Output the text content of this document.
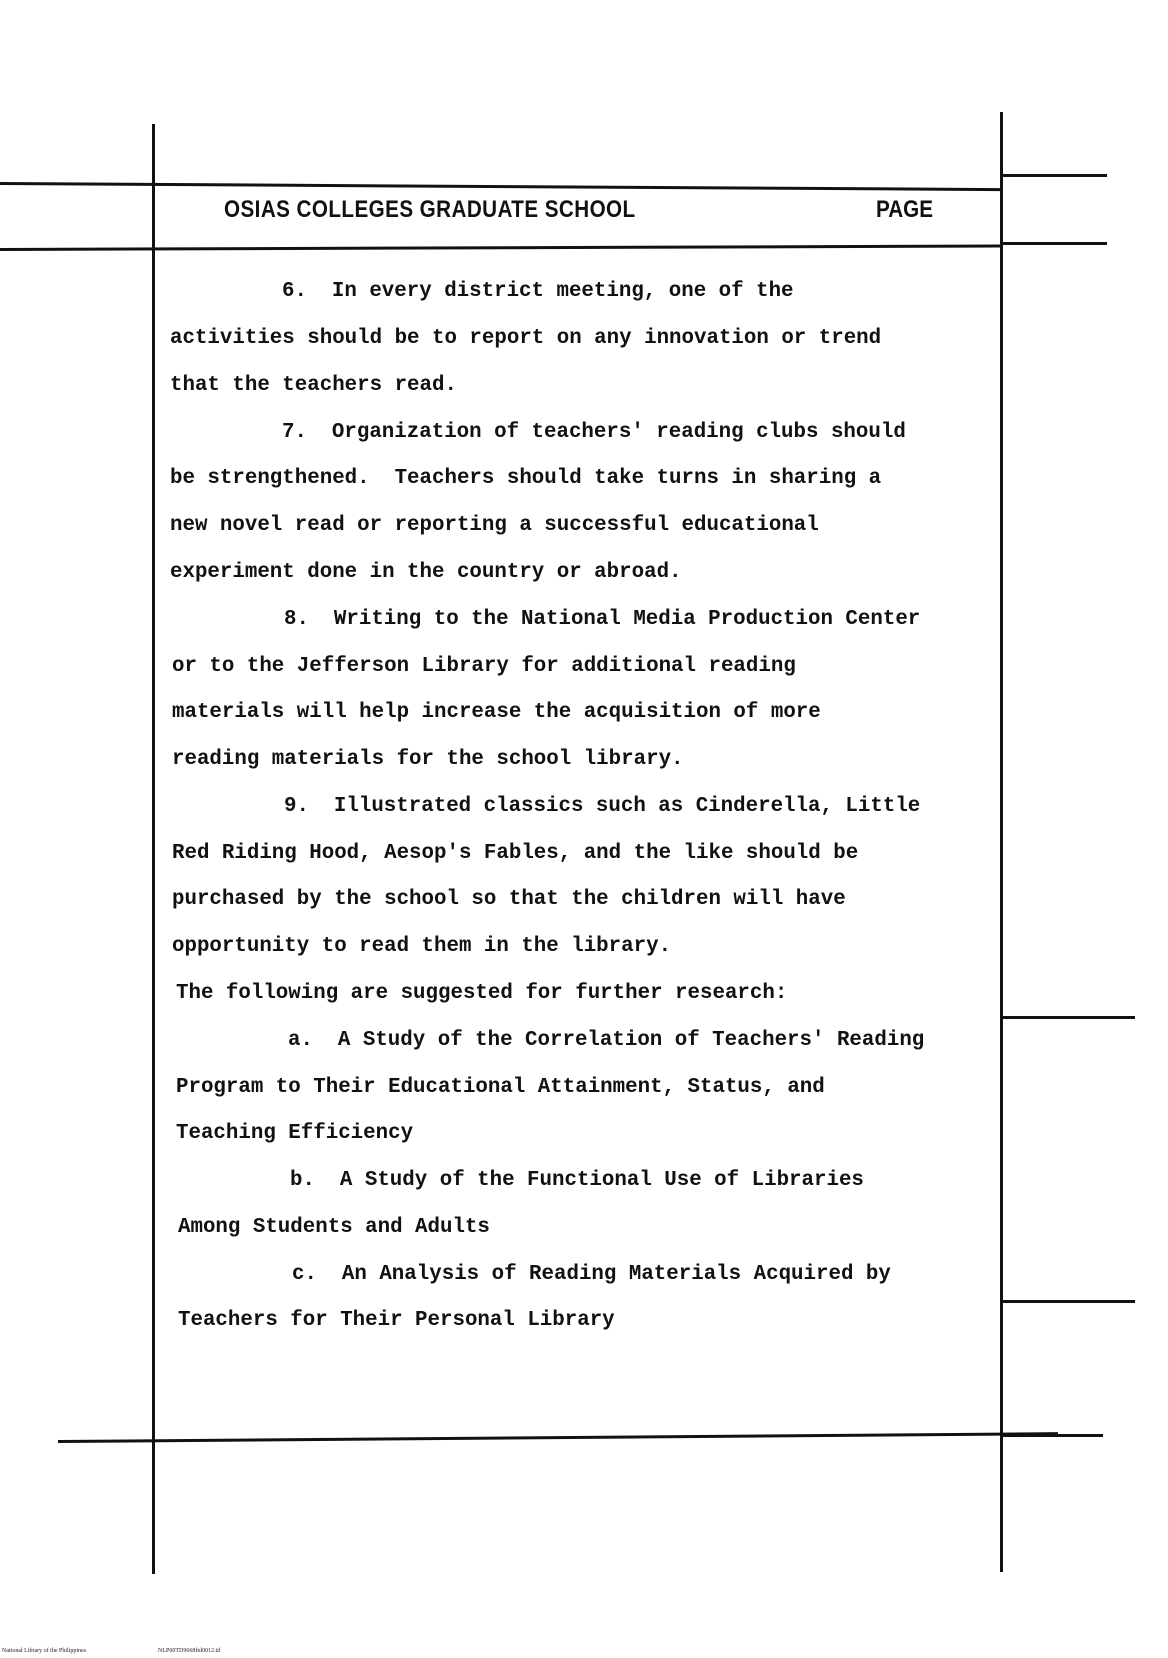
OSIAS COLLEGES GRADUATE SCHOOL	PAGE
6.  In every district meeting, one of the
activities should be to report on any innovation or trend
that the teachers read.
7.  Organization of teachers' reading clubs should
be strengthened.  Teachers should take turns in sharing a
new novel read or reporting a successful educational
experiment done in the country or abroad.
8.  Writing to the National Media Production Center
or to the Jefferson Library for additional reading
materials will help increase the acquisition of more
reading materials for the school library.
9.  Illustrated classics such as Cinderella, Little
Red Riding Hood, Aesop's Fables, and the like should be
purchased by the school so that the children will have
opportunity to read them in the library.
The following are suggested for further research:
a.  A Study of the Correlation of Teachers' Reading
Program to Their Educational Attainment, Status, and
Teaching Efficiency
b.  A Study of the Functional Use of Libraries
Among Students and Adults
c.  An Analysis of Reading Materials Acquired by
Teachers for Their Personal Library
National Library of the Philippines	NLP00TD9668ftd0012.tif
